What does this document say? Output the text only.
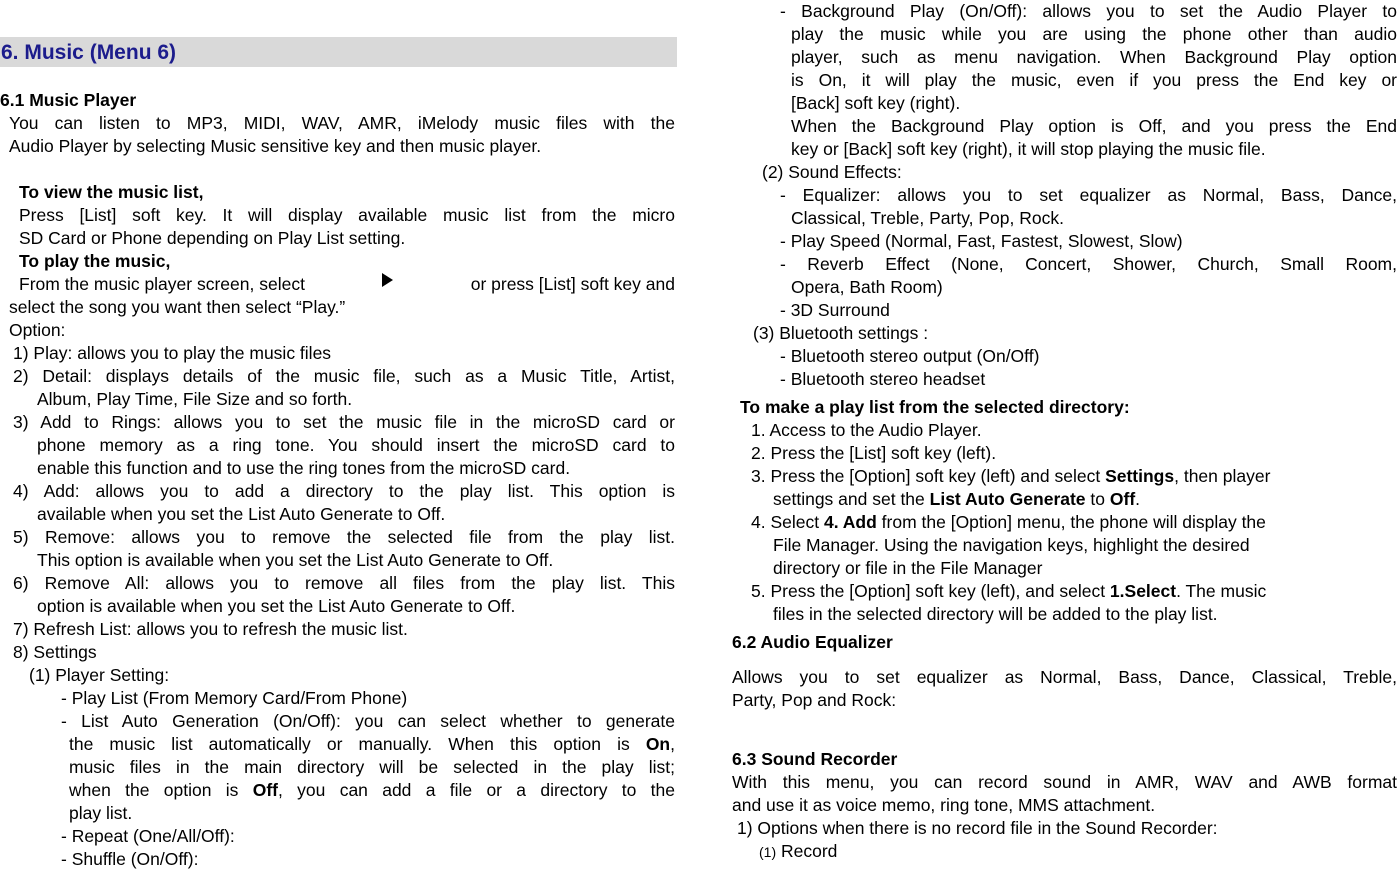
6. Music (Menu 6)
6.1 Music Player
You can listen to MP3, MIDI, WAV, AMR, iMelody music files with the
Audio Player by selecting Music sensitive key and then music player.
To view the music list,
Press [List] soft key. It will display available music list from the micro
SD Card or Phone depending on Play List setting.
To play the music,
From the music player screen, select	or press [List] soft key and
select the song you want then select “Play.”
Option:
1) Play: allows you to play the music files
2) Detail: displays details of the music file, such as a Music Title, Artist,
Album, Play Time, File Size and so forth.
3) Add to Rings: allows you to set the music file in the microSD card or
phone memory as a ring tone. You should insert the microSD card to
enable this function and to use the ring tones from the microSD card.
4) Add: allows you to add a directory to the play list. This option is
available when you set the List Auto Generate to Off.
5) Remove: allows you to remove the selected file from the play list.
This option is available when you set the List Auto Generate to Off.
6) Remove All: allows you to remove all files from the play list. This
option is available when you set the List Auto Generate to Off.
7) Refresh List: allows you to refresh the music list.
8) Settings
(1) Player Setting:
- Play List (From Memory Card/From Phone)
- List Auto Generation (On/Off): you can select whether to generate
the music list automatically or manually. When this option is On,
music files in the main directory will be selected in the play list;
when the option is Off, you can add a file or a directory to the
play list.
- Repeat (One/All/Off):
- Shuffle (On/Off):
- Background Play (On/Off): allows you to set the Audio Player to
play the music while you are using the phone other than audio
player, such as menu navigation. When Background Play option
is On, it will play the music, even if you press the End key or
[Back] soft key (right).
When the Background Play option is Off, and you press the End
key or [Back] soft key (right), it will stop playing the music file.
(2) Sound Effects:
- Equalizer: allows you to set equalizer as Normal, Bass, Dance,
Classical, Treble, Party, Pop, Rock.
- Play Speed (Normal, Fast, Fastest, Slowest, Slow)
- Reverb Effect (None, Concert, Shower, Church, Small Room,
Opera, Bath Room)
- 3D Surround
(3) Bluetooth settings :
- Bluetooth stereo output (On/Off)
- Bluetooth stereo headset
To make a play list from the selected directory:
1. Access to the Audio Player.
2. Press the [List] soft key (left).
3. Press the [Option] soft key (left) and select Settings, then player
settings and set the List Auto Generate to Off.
4. Select 4. Add from the [Option] menu, the phone will display the
File Manager. Using the navigation keys, highlight the desired
directory or file in the File Manager
5. Press the [Option] soft key (left), and select 1.Select. The music
files in the selected directory will be added to the play list.
6.2 Audio Equalizer
Allows you to set equalizer as Normal, Bass, Dance, Classical, Treble,
Party, Pop and Rock:
6.3 Sound Recorder
With this menu, you can record sound in AMR, WAV and AWB format
and use it as voice memo, ring tone, MMS attachment.
1) Options when there is no record file in the Sound Recorder:
(1) Record
